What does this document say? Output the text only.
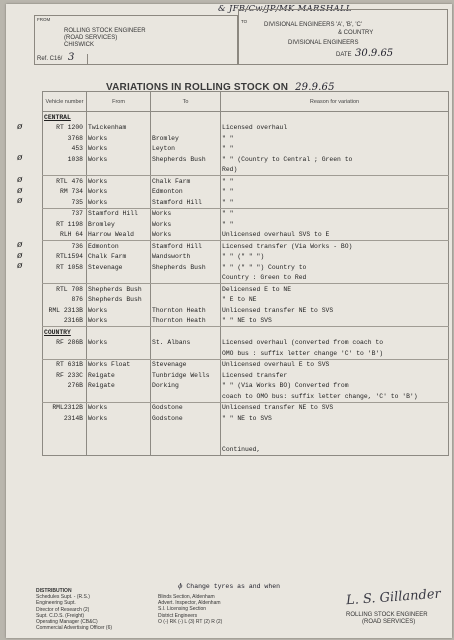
& JFB/Cw/JP/MK MARSHALL
FROM
ROLLING STOCK ENGINEER
(ROAD SERVICES)
CHISWICK
Ref. C16/ 3
TO
DIVISIONAL ENGINEERS 'A', 'B', 'C'
& COUNTRY
DIVISIONAL ENGINEERS
DATE 30.9.65
VARIATIONS IN ROLLING STOCK ON 29.9.65
Vehicle number	From	To	Reason for variation
CENTRAL			
RT 1200	Twickenham		Licensed overhaul
3768	Works	Bromley	" "
453	Works	Leyton	" "
1038	Works	Shepherds Bush	" " (Country to Central ; Green to
			Red)
RTL 476	Works	Chalk Farm	" "
RM 734	Works	Edmonton	" "
735	Works	Stamford Hill	" "
737	Stamford Hill	Works	" "
RT 1198	Bromley	Works	" "
RLH 64	Harrow Weald	Works	Unlicensed overhaul SVS to E
736	Edmonton	Stamford Hill	Licensed transfer (Via Works - BO)
RTL1594	Chalk Farm	Wandsworth	" " (" " ")
RT 1058	Stevenage	Shepherds Bush	" " (" " ") Country to
			Country : Green to Red
RTL 708	Shepherds Bush		Delicensed E to NE
876	Shepherds Bush		" E to NE
RML 2313B	Works	Thornton Heath	Unlicensed transfer NE to SVS
2316B	Works	Thornton Heath	" " NE to SVS
COUNTRY			
RF 286B	Works	St. Albans	Licensed overhaul (converted from coach to
			OMO bus : suffix letter change 'C' to 'B')
RT 631B	Works Float	Stevenage	Unlicensed overhaul E to SVS
RF 233C	Reigate	Tunbridge Wells	Licensed transfer
276B	Reigate	Dorking	" " (Via Works BO) Converted from
			coach to OMO bus: suffix letter change, 'C' to 'B')
RML2312B	Works	Godstone	Unlicensed transfer NE to SVS
2314B	Works	Godstone	" " NE to SVS

			Continued,
ɸ Change tyres as and when
DISTRIBUTION
Schedules Supt. - (R.S.)
Engineering Supt.
Director of Research (2)
Supt. C.D.S. (Freight)
Operating Manager (CB&C)
Commercial Advertising Officer (6)
Blinds Section, Aldenham
Advert. Inspector, Aldenham
S.I. Licensing Section
District Engineers
O (-) RK (-) L (3) RT (2) R (2)
L. S. Gillander
ROLLING STOCK ENGINEER
(ROAD SERVICES)
ø
ø
ø
ø
ø
ø
ø
ø
